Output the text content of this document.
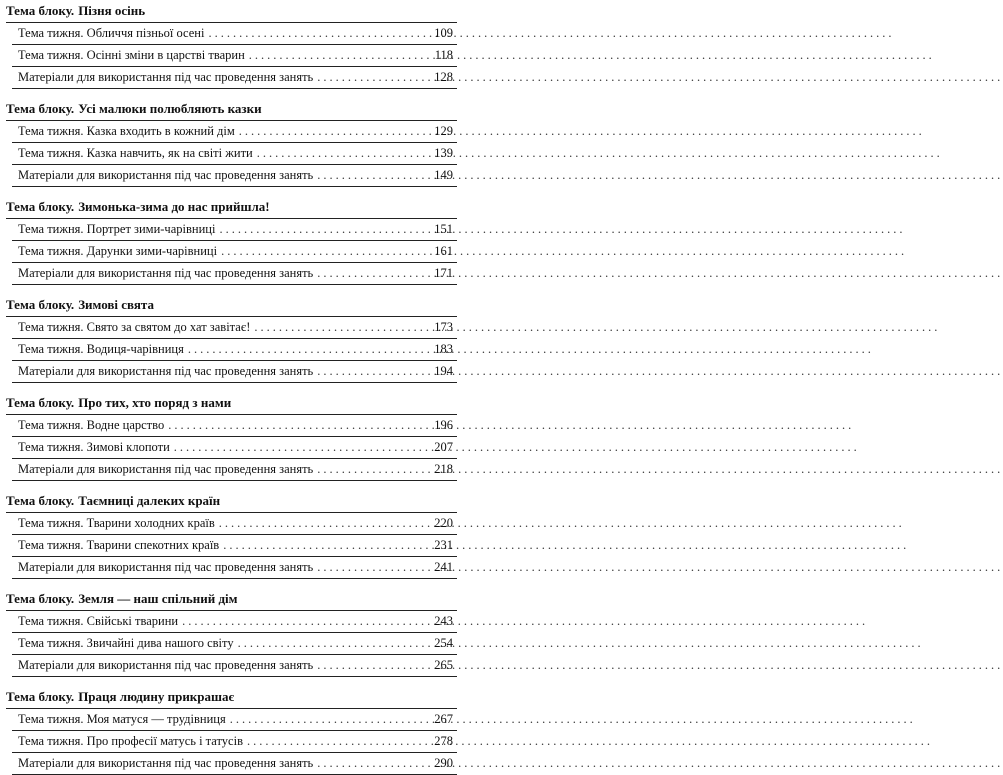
Тема блоку. Пізня осінь
Тема тижня. Обличчя пізньої осені .....	109
Тема тижня. Осінні зміни в царстві тварин .....	118
Матеріали для використання під час проведення занять .....	128
Тема блоку. Усі малюки полюбляють казки
Тема тижня. Казка входить в кожний дім .....	129
Тема тижня. Казка навчить, як на світі жити .....	139
Матеріали для використання під час проведення занять .....	149
Тема блоку. Зимонька-зима до нас прийшла!
Тема тижня. Портрет зими-чарівниці .....	151
Тема тижня. Дарунки зими-чарівниці .....	161
Матеріали для використання під час проведення занять .....	171
Тема блоку. Зимові свята
Тема тижня. Свято за святом до хат завітає! .....	173
Тема тижня. Водиця-чарівниця .....	183
Матеріали для використання під час проведення занять .....	194
Тема блоку. Про тих, хто поряд з нами
Тема тижня. Водне царство .....	196
Тема тижня. Зимові клопоти .....	207
Матеріали для використання під час проведення занять .....	218
Тема блоку. Таємниці далеких країн
Тема тижня. Тварини холодних країв .....	220
Тема тижня. Тварини спекотних країв .....	231
Матеріали для використання під час проведення занять .....	241
Тема блоку. Земля — наш спільний дім
Тема тижня. Свійські тварини .....	243
Тема тижня. Звичайні дива нашого світу .....	254
Матеріали для використання під час проведення занять .....	265
Тема блоку. Праця людину прикрашає
Тема тижня. Моя матуся — трудівниця .....	267
Тема тижня. Про професії матусь і татусів .....	278
Матеріали для використання під час проведення занять .....	290
